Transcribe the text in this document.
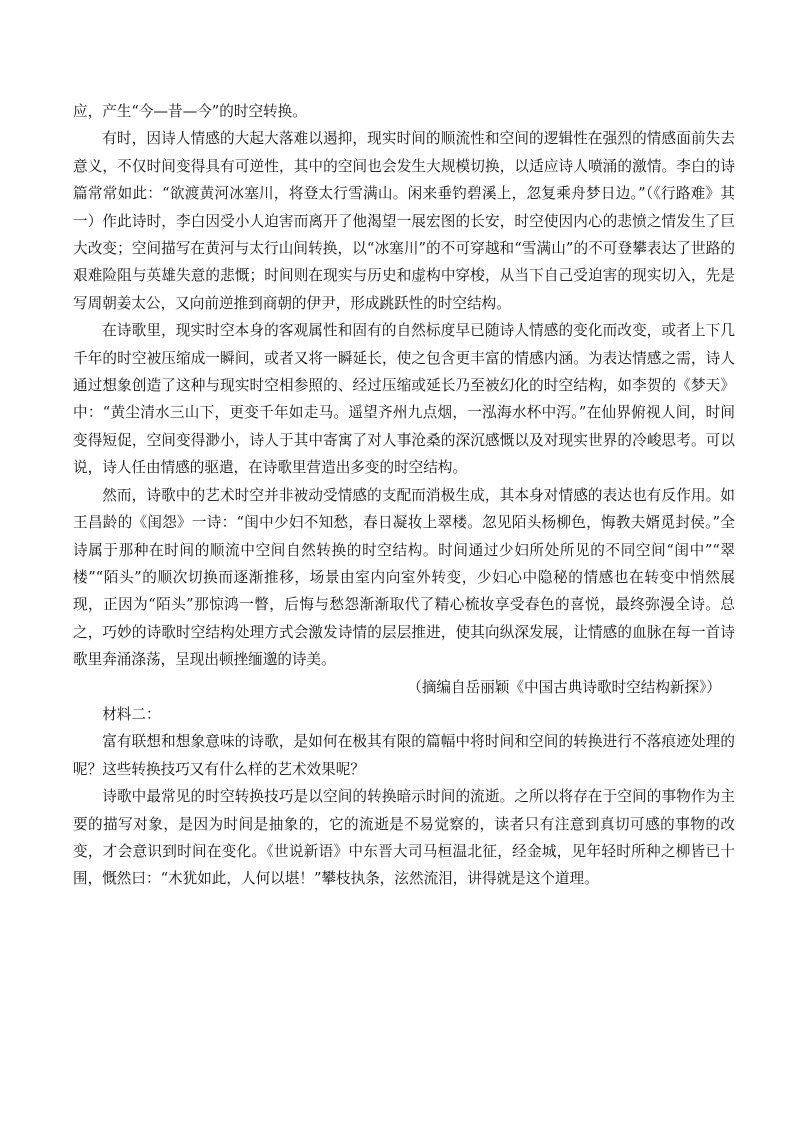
应，产生“今—昔—今”的时空转换。

有时，因诗人情感的大起大落难以遏抑，现实时间的顺流性和空间的逻辑性在强烈的情感面前失去意义，不仅时间变得具有可逆性，其中的空间也会发生大规模切换，以适应诗人喷涌的激情。李白的诗篇常常如此：“欲渡黄河冰塞川，将登太行雪满山。闲来垂钓碧溪上，忽复乘舟梦日边。”（《行路难》其一）作此诗时，李白因受小人迫害而离开了他渴望一展宏图的长安，时空使因内心的悲愤之情发生了巨大改变；空间描写在黄河与太行山间转换，以“冰塞川”的不可穿越和“雪满山”的不可登攀表达了世路的艰难险阻与英雄失意的悲慨；时间则在现实与历史和虚构中穿梭，从当下自己受迫害的现实切入，先是写周朝姜太公，又向前逆推到商朝的伊尹，形成跳跃性的时空结构。

在诗歌里，现实时空本身的客观属性和固有的自然标度早已随诗人情感的变化而改变，或者上下几千年的时空被压缩成一瞬间，或者又将一瞬延长，使之包含更丰富的情感内涵。为表达情感之需，诗人通过想象创造了这种与现实时空相参照的、经过压缩或延长乃至被幻化的时空结构，如李贺的《梦天》中：“黄尘清水三山下，更变千年如走马。遥望齐州九点烟，一泓海水杯中泻。”在仙界俯视人间，时间变得短促，空间变得渺小，诗人于其中寄寓了对人事沧桑的深沉感慨以及对现实世界的冷峻思考。可以说，诗人任由情感的驱遣，在诗歌里营造出多变的时空结构。

然而，诗歌中的艺术时空并非被动受情感的支配而消极生成，其本身对情感的表达也有反作用。如王昌龄的《闺怨》一诗：“闺中少妇不知愁，春日凝妆上翠楼。忽见陌头杨柳色，悔教夫婿觅封侯。”全诗属于那种在时间的顺流中空间自然转换的时空结构。时间通过少妇所处所见的不同空间“闺中”“翠楼”“陌头”的顺次切换而逐渐推移，场景由室内向室外转变，少妇心中隐秘的情感也在转变中悄然展现，正因为“陌头”那惊鸿一瞥，后悔与愁怨渐渐取代了精心梳妆享受春色的喜悦，最终弥漫全诗。总之，巧妙的诗歌时空结构处理方式会激发诗情的层层推进，使其向纵深发展，让情感的血脉在每一首诗歌里奔涌涤荡，呈现出顿挫缅邈的诗美。

（摘编自岳丽颖《中国古典诗歌时空结构新探》）

材料二：

富有联想和想象意味的诗歌，是如何在极其有限的篇幅中将时间和空间的转换进行不落痕迹处理的呢？这些转换技巧又有什么样的艺术效果呢？

诗歌中最常见的时空转换技巧是以空间的转换暗示时间的流逝。之所以将存在于空间的事物作为主要的描写对象，是因为时间是抽象的，它的流逝是不易觉察的，读者只有注意到真切可感的事物的改变，才会意识到时间在变化。《世说新语》中东晋大司马桓温北征，经金城，见年轻时所种之柳皆已十围，慨然曰：“木犹如此，人何以堪！”攀枝执条，泫然流泪，讲得就是这个道理。
